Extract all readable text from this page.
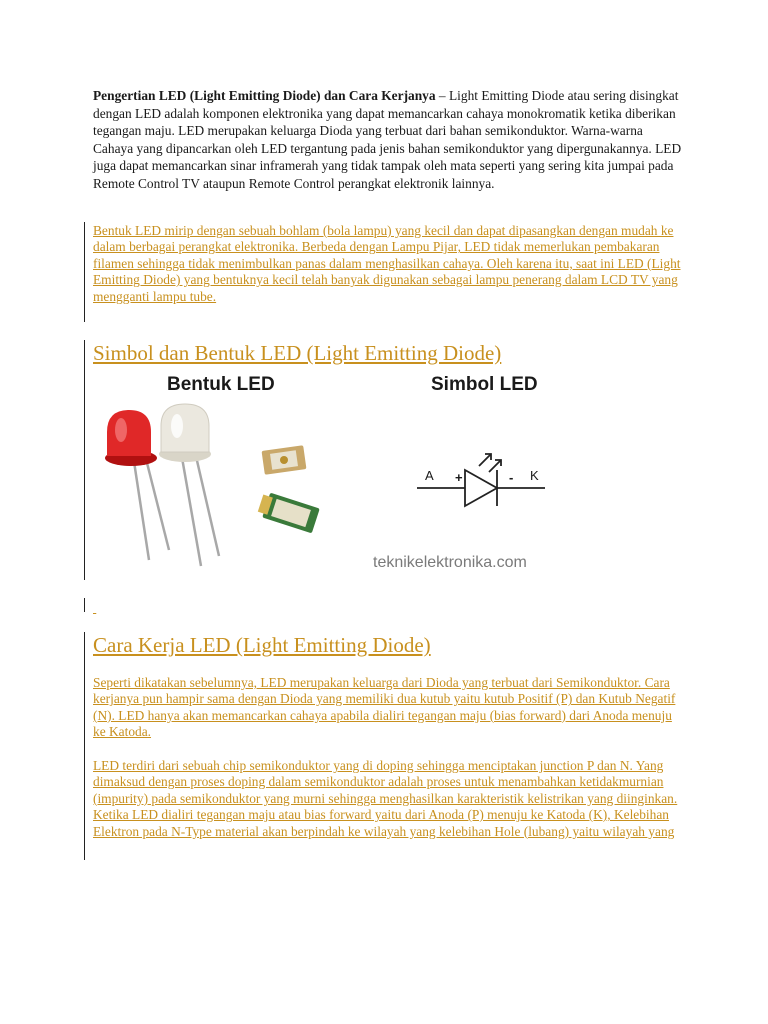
Pengertian LED (Light Emitting Diode) dan Cara Kerjanya – Light Emitting Diode atau sering disingkat dengan LED adalah komponen elektronika yang dapat memancarkan cahaya monokromatik ketika diberikan tegangan maju. LED merupakan keluarga Dioda yang terbuat dari bahan semikonduktor. Warna-warna Cahaya yang dipancarkan oleh LED tergantung pada jenis bahan semikonduktor yang dipergunakannya. LED juga dapat memancarkan sinar inframerah yang tidak tampak oleh mata seperti yang sering kita jumpai pada Remote Control TV ataupun Remote Control perangkat elektronik lainnya.
Bentuk LED mirip dengan sebuah bohlam (bola lampu) yang kecil dan dapat dipasangkan dengan mudah ke dalam berbagai perangkat elektronika. Berbeda dengan Lampu Pijar, LED tidak memerlukan pembakaran filamen sehingga tidak menimbulkan panas dalam menghasilkan cahaya. Oleh karena itu, saat ini LED (Light Emitting Diode) yang bentuknya kecil telah banyak digunakan sebagai lampu penerang dalam LCD TV yang mengganti lampu tube.
Simbol dan Bentuk LED (Light Emitting Diode)
Bentuk LED	Simbol LED
A +	- K
teknikelektronika.com

Cara Kerja LED (Light Emitting Diode)
Seperti dikatakan sebelumnya, LED merupakan keluarga dari Dioda yang terbuat dari Semikonduktor. Cara kerjanya pun hampir sama dengan Dioda yang memiliki dua kutub yaitu kutub Positif (P) dan Kutub Negatif (N). LED hanya akan memancarkan cahaya apabila dialiri tegangan maju (bias forward) dari Anoda menuju ke Katoda.
LED terdiri dari sebuah chip semikonduktor yang di doping sehingga menciptakan junction P dan N. Yang dimaksud dengan proses doping dalam semikonduktor adalah proses untuk menambahkan ketidakmurnian (impurity) pada semikonduktor yang murni sehingga menghasilkan karakteristik kelistrikan yang diinginkan. Ketika LED dialiri tegangan maju atau bias forward yaitu dari Anoda (P) menuju ke Katoda (K), Kelebihan Elektron pada N-Type material akan berpindah ke wilayah yang kelebihan Hole (lubang) yaitu wilayah yang
